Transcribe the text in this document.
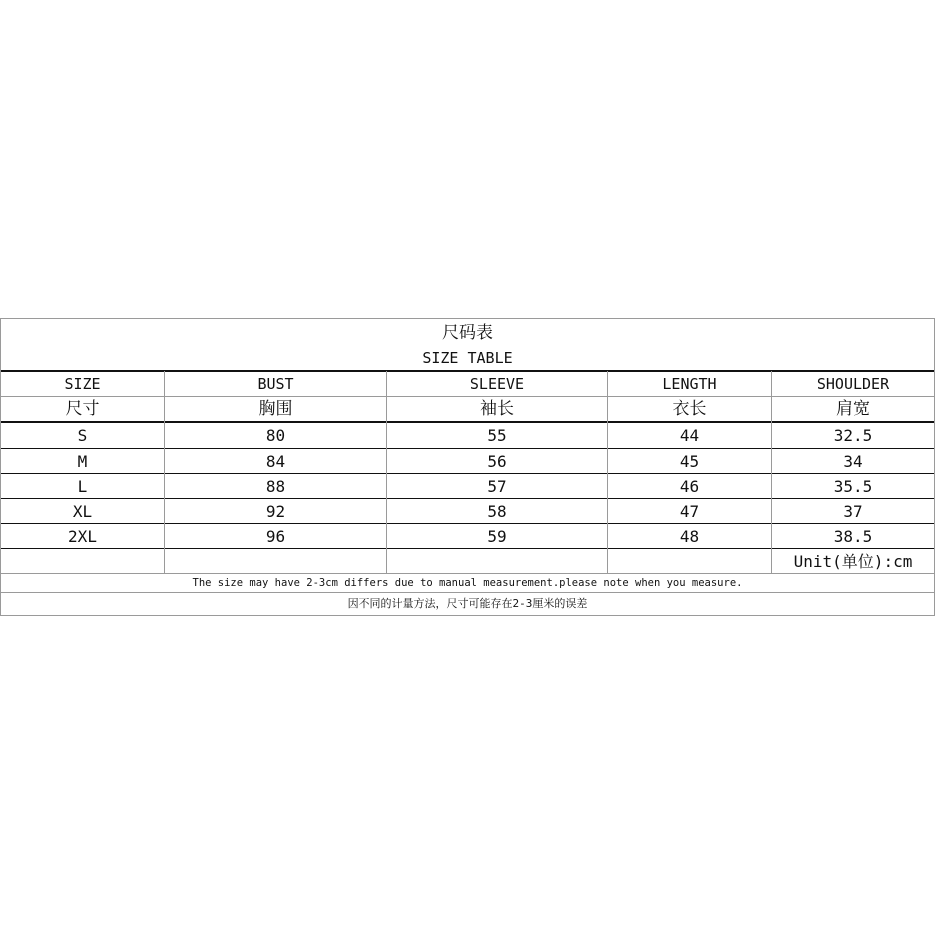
尺码表
SIZE TABLE
SIZE	BUST	SLEEVE	LENGTH	SHOULDER
尺寸	胸围	袖长	衣长	肩宽
S	80	55	44	32.5
M	84	56	45	34
L	88	57	46	35.5
XL	92	58	47	37
2XL	96	59	48	38.5
Unit(单位):cm
The size may have 2-3cm differs due to manual measurement.please note when you measure.
因不同的计量方法，尺寸可能存在2-3厘米的误差
